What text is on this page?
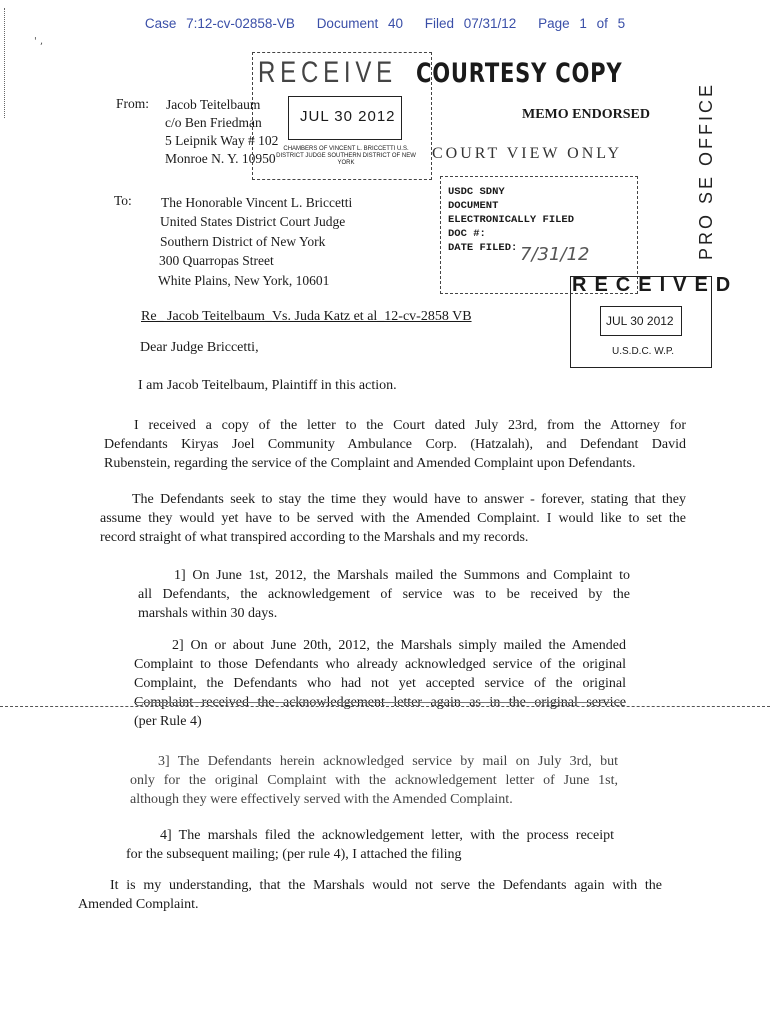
Case 7:12-cv-02858-VB Document 40 Filed 07/31/12 Page 1 of 5
' ,
RECEIVE
JUL 30 2012
CHAMBERS OF VINCENT L. BRICCETTI U.S. DISTRICT JUDGE SOUTHERN DISTRICT OF NEW YORK
COURTESY COPY
MEMO ENDORSED
COURT VIEW ONLY	PRO SE OFFICE
USDC SDNY
DOCUMENT
ELECTRONICALLY FILED
DOC #:
DATE FILED: 7/31/12
RECEIVED
JUL 30 2012
U.S.D.C. W.P.
From: Jacob Teitelbaum
c/o Ben Friedman
5 Leipnik Way # 102
Monroe N. Y. 10950
To: The Honorable Vincent L. Briccetti
United States District Court Judge
Southern District of New York
300 Quarropas Street
White Plains, New York, 10601
Re_ Jacob Teitelbaum_Vs. Juda Katz et al_12-cv-2858 VB
Dear Judge Briccetti,
I am Jacob Teitelbaum, Plaintiff in this action.
I received a copy of the letter to the Court dated July 23rd, from the Attorney for
Defendants Kiryas Joel Community Ambulance Corp. (Hatzalah), and Defendant David
Rubenstein, regarding the service of the Complaint and Amended Complaint upon Defendants.
The Defendants seek to stay the time they would have to answer - forever, stating that they
assume they would yet have to be served with the Amended Complaint. I would like to set the
record straight of what transpired according to the Marshals and my records.
1] On June 1st, 2012, the Marshals mailed the Summons and Complaint to
all Defendants, the acknowledgement of service was to be received by the
marshals within 30 days.
2] On or about June 20th, 2012, the Marshals simply mailed the Amended
Complaint to those Defendants who already acknowledged service of the original
Complaint, the Defendants who had not yet accepted service of the original
Complaint received the acknowledgement letter again as in the original service
(per Rule 4)
3] The Defendants herein acknowledged service by mail on July 3rd, but
only for the original Complaint with the acknowledgement letter of June 1st,
although they were effectively served with the Amended Complaint.
4] The marshals filed the acknowledgement letter, with the process receipt
for the subsequent mailing; (per rule 4), I attached the filing
It is my understanding, that the Marshals would not serve the Defendants again with the
Amended Complaint.
